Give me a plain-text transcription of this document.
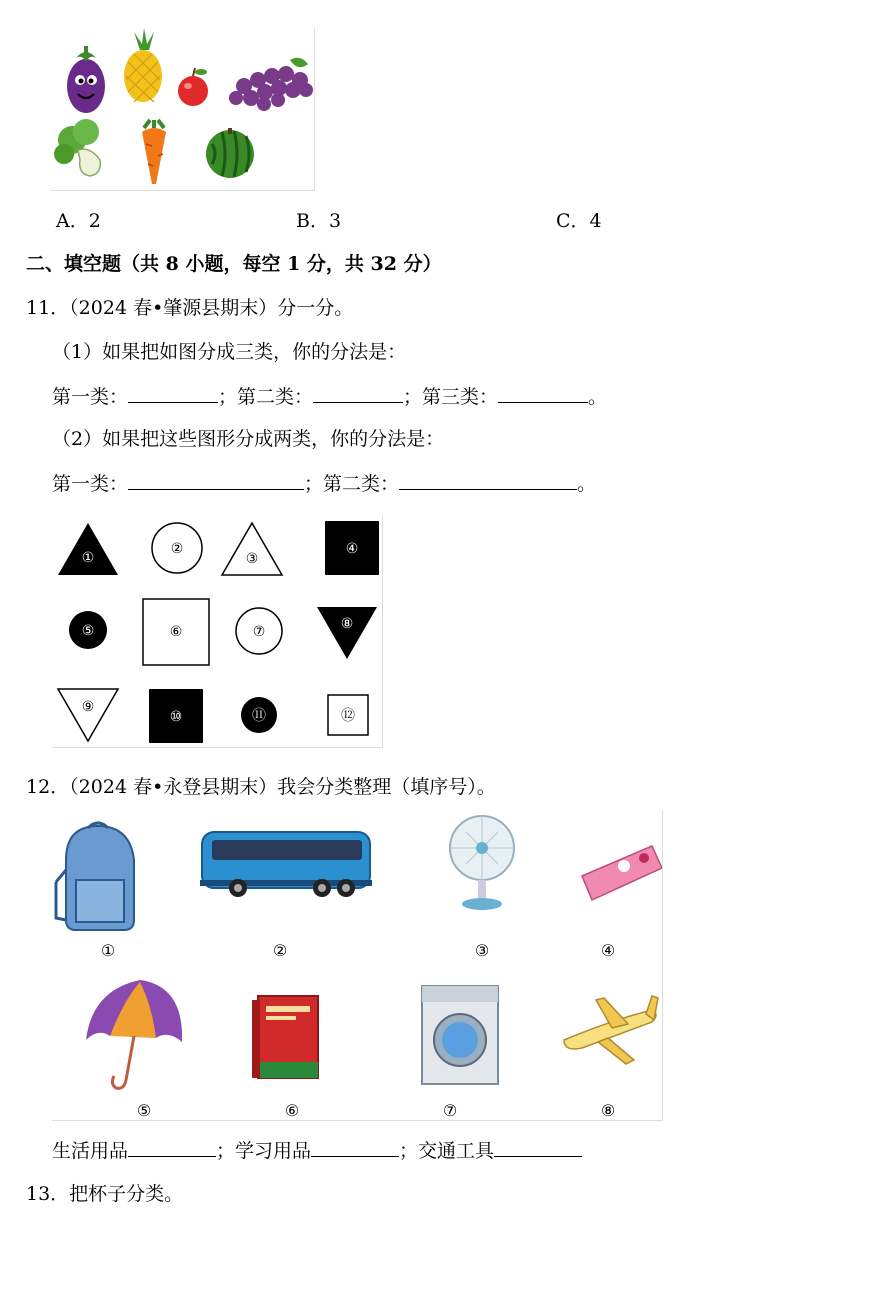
A．2	B．3	C．4
二、填空题（共 8 小题，每空 1 分，共 32 分）
11．（2024 春•肇源县期末）分一分。
（1）如果把如图分成三类，你的分法是：
第一类：	；第二类：	；第三类：	。
（2）如果把这些图形分成两类，你的分法是：
第一类：	；第二类：	。
①
②
③
④
⑤	⑥	⑦	⑧
⑨
⑩	⑪	⑫
12．（2024 春•永登县期末）我会分类整理（填序号）。
①	②	③	④
⑤	⑥	⑦	⑧
生活用品	；学习用品	；交通工具
13．把杯子分类。
